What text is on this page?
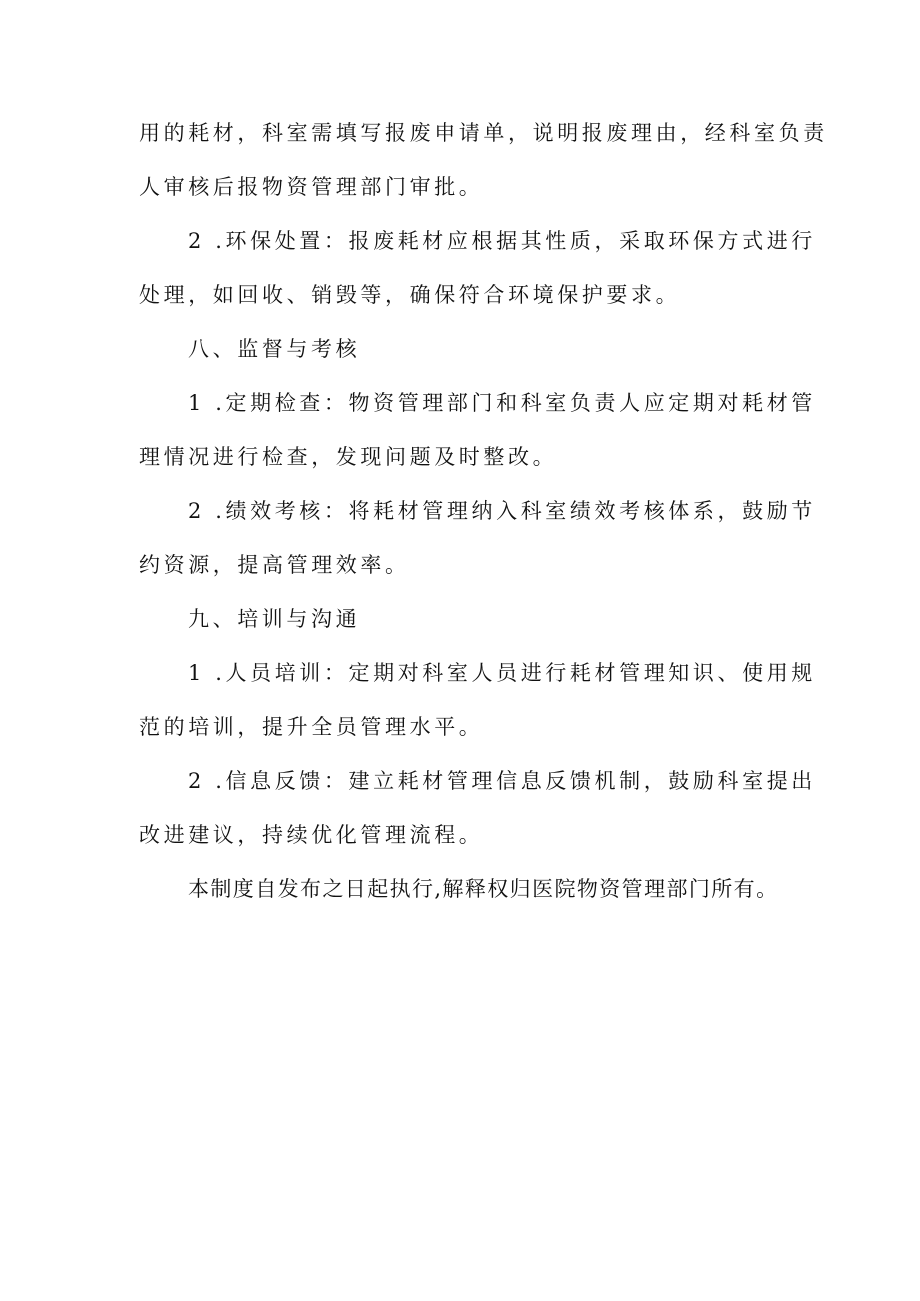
用的耗材，科室需填写报废申请单，说明报废理由，经科室负责
人审核后报物资管理部门审批。
2 .环保处置：报废耗材应根据其性质，采取环保方式进行
处理，如回收、销毁等，确保符合环境保护要求。
八、监督与考核
1 .定期检查：物资管理部门和科室负责人应定期对耗材管
理情况进行检查，发现问题及时整改。
2 .绩效考核：将耗材管理纳入科室绩效考核体系，鼓励节
约资源，提高管理效率。
九、培训与沟通
1 .人员培训：定期对科室人员进行耗材管理知识、使用规
范的培训，提升全员管理水平。
2 .信息反馈：建立耗材管理信息反馈机制，鼓励科室提出
改进建议，持续优化管理流程。
本制度自发布之日起执行,解释权归医院物资管理部门所有。
